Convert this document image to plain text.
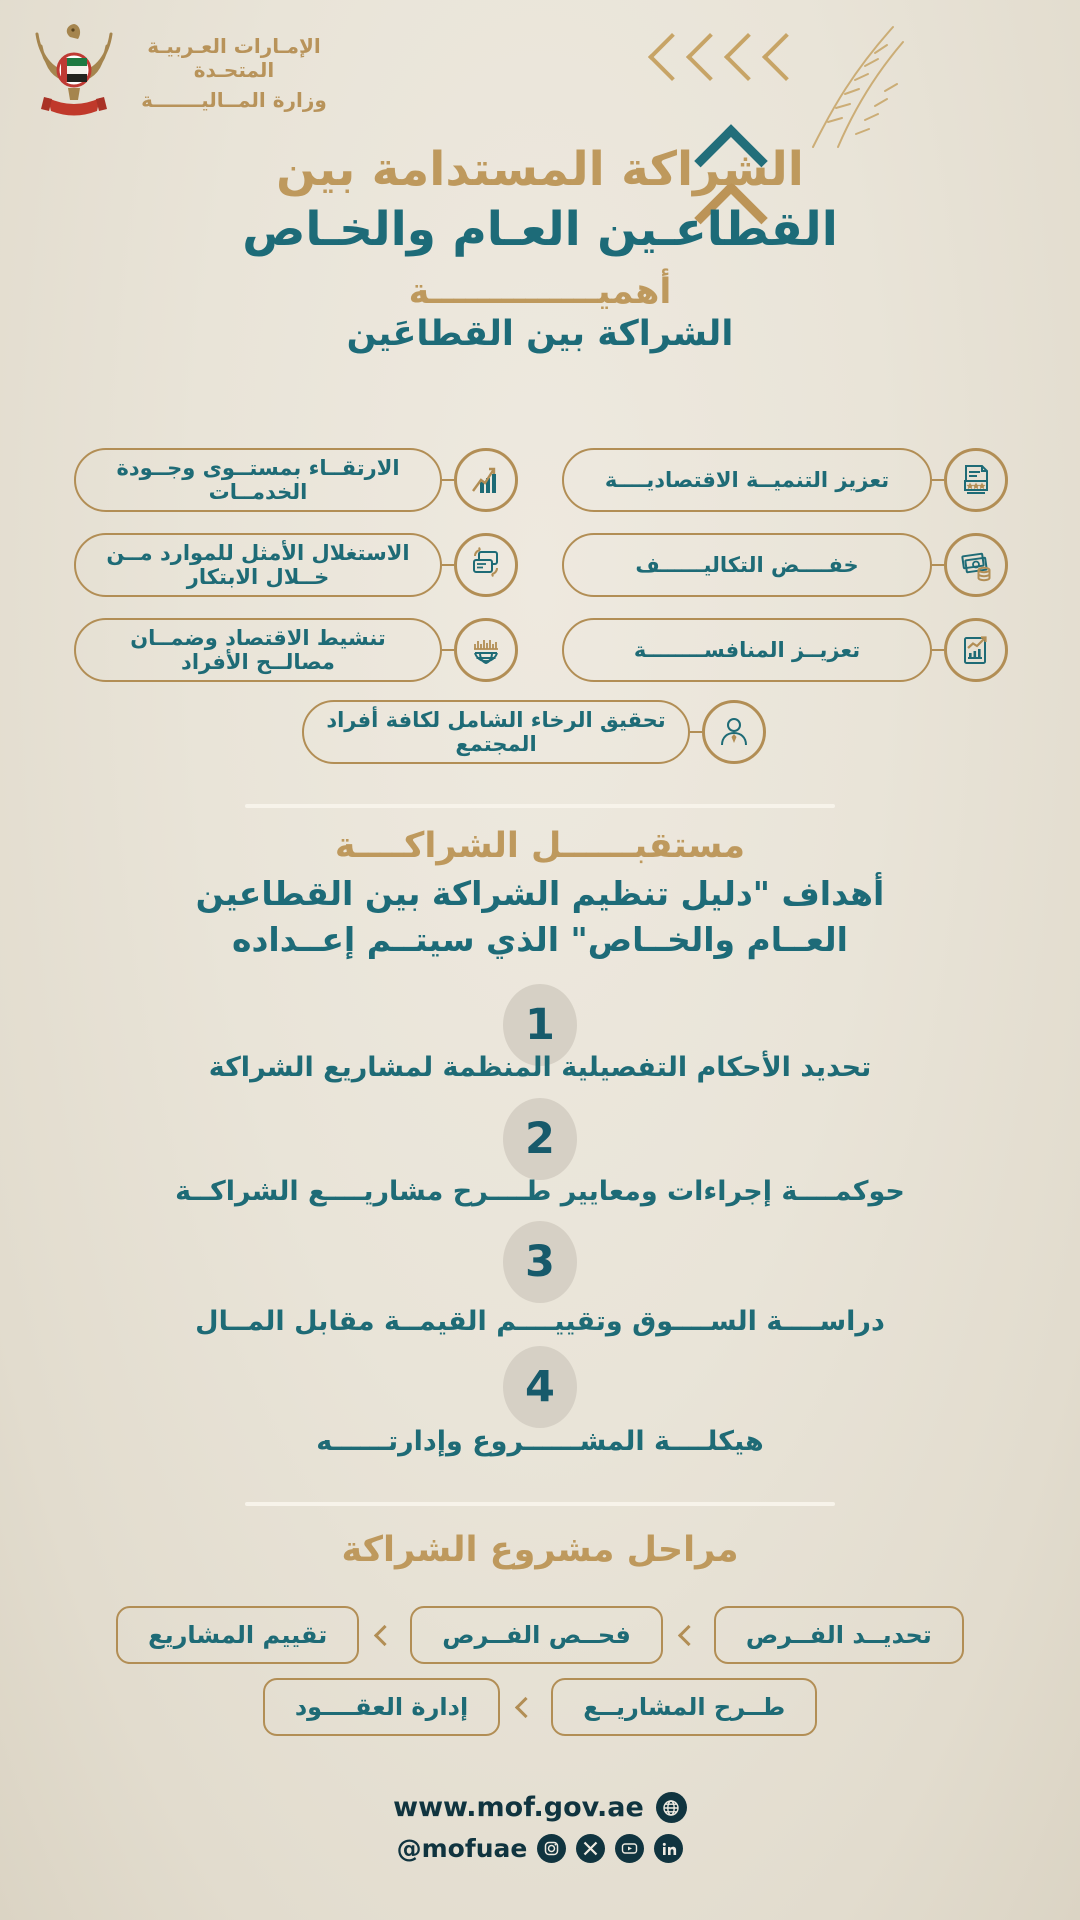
الإمـارات العـربيـة المتحـدة
وزارة المــاليـــــــة
الشراكة المستدامة بين
القطاعـين العـام والخـاص
أهميــــــــــــــة
الشراكة بين القطاعَين
تعزيز التنميــة الاقتصاديــــة
الارتقــاء بمستــوى وجــودة الخدمــات
خفــــض التكاليــــــف
الاستغلال الأمثل للموارد مــن خــلال الابتكار
تعزيــز المنافســــــــة
تنشيط الاقتصاد وضمــان مصالــح الأفراد
تحقيق الرخاء الشامل لكافة أفراد المجتمع
مستقبــــــل الشراكــــة
أهداف "دليل تنظيم الشراكة بين القطاعين
العــام والخــاص" الذي سيتــم إعــداده
1
تحديد الأحكام التفصيلية المنظمة لمشاريع الشراكة
2
حوكمــــة إجراءات ومعايير طــــرح مشاريــــع الشراكــة
3
دراســــة الســــوق وتقييــــم القيمــة مقابل المــال
4
هيكلــــة المشــــــروع وإدارتــــــه
مراحل مشروع الشراكة
تحديــد الفــرص
فحــص الفــرص
تقييم المشاريع
طــرح المشاريــع
إدارة العقــــود
www.mof.gov.ae
@mofuae
